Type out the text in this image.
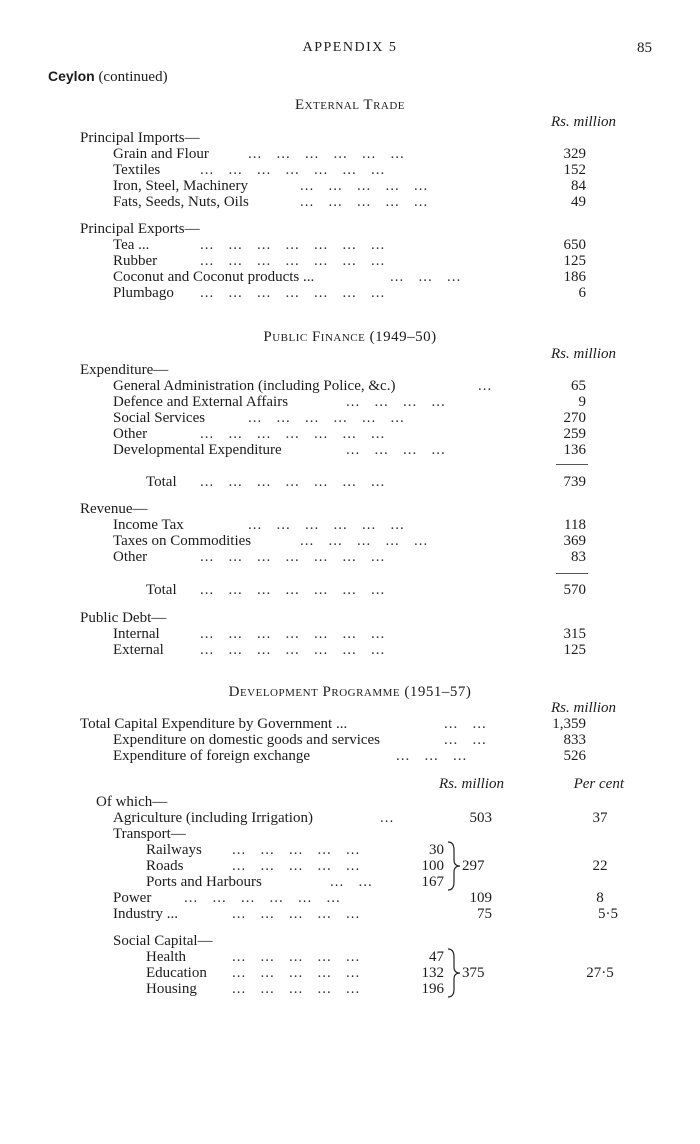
APPENDIX 5	85
Ceylon (continued)
External Trade
Rs. million
Principal Imports—
Grain and Flour	...   ...   ...   ...   ...   ...	329
Textiles	...   ...   ...   ...   ...   ...   ...	152
Iron, Steel, Machinery	...   ...   ...   ...   ...	84
Fats, Seeds, Nuts, Oils	...   ...   ...   ...   ...	49
Principal Exports—
Tea ...	...   ...   ...   ...   ...   ...   ...	650
Rubber	...   ...   ...   ...   ...   ...   ...	125
Coconut and Coconut products ...	...   ...   ...	186
Plumbago ...   ...   ...   ...   ...   ...   ...	6
Public Finance (1949–50)
Rs. million
Expenditure—
General Administration (including Police, &c.)	...	65
Defence and External Affairs	...   ...   ...   ...	9
Social Services	...   ...   ...   ...   ...   ...	270
Other	...   ...   ...   ...   ...   ...   ...	259
Developmental Expenditure	...   ...   ...   ...	136
Total ...   ...   ...   ...   ...   ...   ...	739
Revenue—
Income Tax	...   ...   ...   ...   ...   ...	118
Taxes on Commodities	...   ...   ...   ...   ...	369
Other	...   ...   ...   ...   ...   ...   ...	83
Total ...   ...   ...   ...   ...   ...   ...	570
Public Debt—
Internal	...   ...   ...   ...   ...   ...   ...	315
External ...   ...   ...   ...   ...   ...   ...	125
Development Programme (1951–57)
Rs. million
Total Capital Expenditure by Government ...	...   ...	1,359
Expenditure on domestic goods and services	...   ...	833
Expenditure of foreign exchange	...   ...   ...	526
Rs. million	Per cent
Of which—
Agriculture (including Irrigation)	...	503	37
Transport—
Railways ...   ...   ...   ...   ...	30
Roads	...   ...   ...   ...   ...	100
Ports and Harbours	...   ...	167
297	22
Power ...   ...   ...   ...   ...   ...	109	8
Industry ...	...   ...   ...   ...   ...	75	5·5
Social Capital—
Health	...   ...   ...   ...   ...	47
Education ...   ...   ...   ...   ...	132
Housing ...   ...   ...   ...   ...	196
375	27·5
